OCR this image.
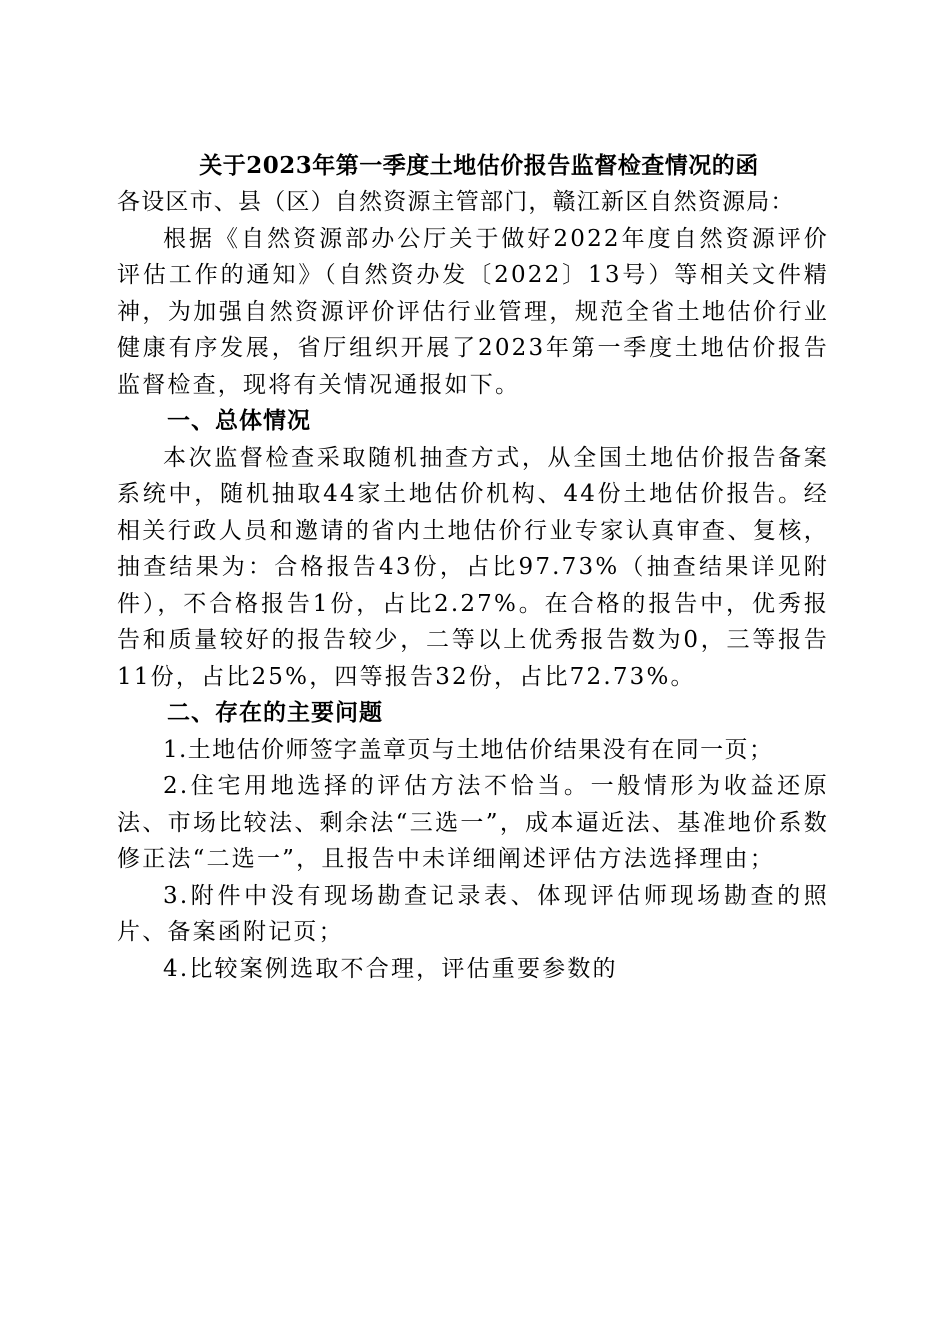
关于2023年第一季度土地估价报告监督检查情况的函

各设区市、县（区）自然资源主管部门，赣江新区自然资源局：

根据《自然资源部办公厅关于做好2022年度自然资源评价评估工作的通知》（自然资办发〔2022〕13号）等相关文件精神，为加强自然资源评价评估行业管理，规范全省土地估价行业健康有序发展，省厅组织开展了2023年第一季度土地估价报告监督检查，现将有关情况通报如下。

一、总体情况

本次监督检查采取随机抽查方式，从全国土地估价报告备案系统中，随机抽取44家土地估价机构、44份土地估价报告。经相关行政人员和邀请的省内土地估价行业专家认真审查、复核，抽查结果为：合格报告43份，占比97.73%（抽查结果详见附件），不合格报告1份，占比2.27%。在合格的报告中，优秀报告和质量较好的报告较少，二等以上优秀报告数为0，三等报告11份，占比25%，四等报告32份，占比72.73%。

二、存在的主要问题

1.土地估价师签字盖章页与土地估价结果没有在同一页；

2.住宅用地选择的评估方法不恰当。一般情形为收益还原法、市场比较法、剩余法“三选一”，成本逼近法、基准地价系数修正法“二选一”，且报告中未详细阐述评估方法选择理由；

3.附件中没有现场勘查记录表、体现评估师现场勘查的照片、备案函附记页；

4.比较案例选取不合理，评估重要参数的
